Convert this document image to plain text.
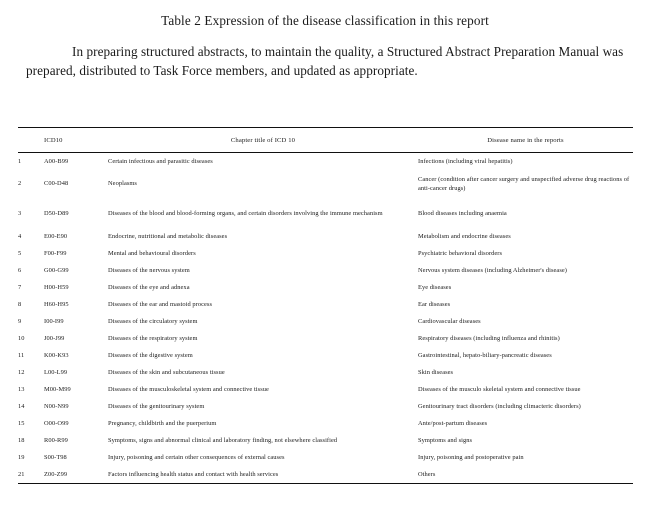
Table 2 Expression of the disease classification in this report
In preparing structured abstracts, to maintain the quality, a Structured Abstract Preparation Manual was prepared, distributed to Task Force members, and updated as appropriate.
	ICD10	Chapter title of ICD 10	Disease name in the reports
1	A00-B99	Certain infectious and parasitic diseases	Infections (including viral hepatitis)
2	C00-D48	Neoplasms	Cancer (condition after cancer surgery and unspecified adverse drug reactions of anti-cancer drugs)
3	D50-D89	Diseases of the blood and blood-forming organs, and certain disorders involving the immune mechanism	Blood diseases including anaemia
4	E00-E90	Endocrine, nutritional and metabolic diseases	Metabolism and endocrine diseases
5	F00-F99	Mental and behavioural disorders	Psychiatric behavioral disorders
6	G00-G99	Diseases of the nervous system	Nervous system diseases (including Alzheimer's disease)
7	H00-H59	Diseases of the eye and adnexa	Eye diseases
8	H60-H95	Diseases of the ear and mastoid process	Ear diseases
9	I00-I99	Diseases of the circulatory system	Cardiovascular diseases
10	J00-J99	Diseases of the respiratory system	Respiratory diseases (including influenza and rhinitis)
11	K00-K93	Diseases of the digestive system	Gastrointestinal, hepato-biliary-pancreatic diseases
12	L00-L99	Diseases of the skin and subcutaneous tissue	Skin diseases
13	M00-M99	Diseases of the musculoskeletal system and connective tissue	Diseases of the musculo skeletal system and connective tissue
14	N00-N99	Diseases of the genitourinary system	Genitourinary tract disorders (including climacteric disorders)
15	O00-O99	Pregnancy, childbirth and the puerperium	Ante/post-partum diseases
18	R00-R99	Symptoms, signs and abnormal clinical and laboratory finding, not elsewhere classified	Symptoms and signs
19	S00-T98	Injury, poisoning and certain other consequences of external causes	Injury, poisoning and postoperative pain
21	Z00-Z99	Factors influencing health status and contact with health services	Others
